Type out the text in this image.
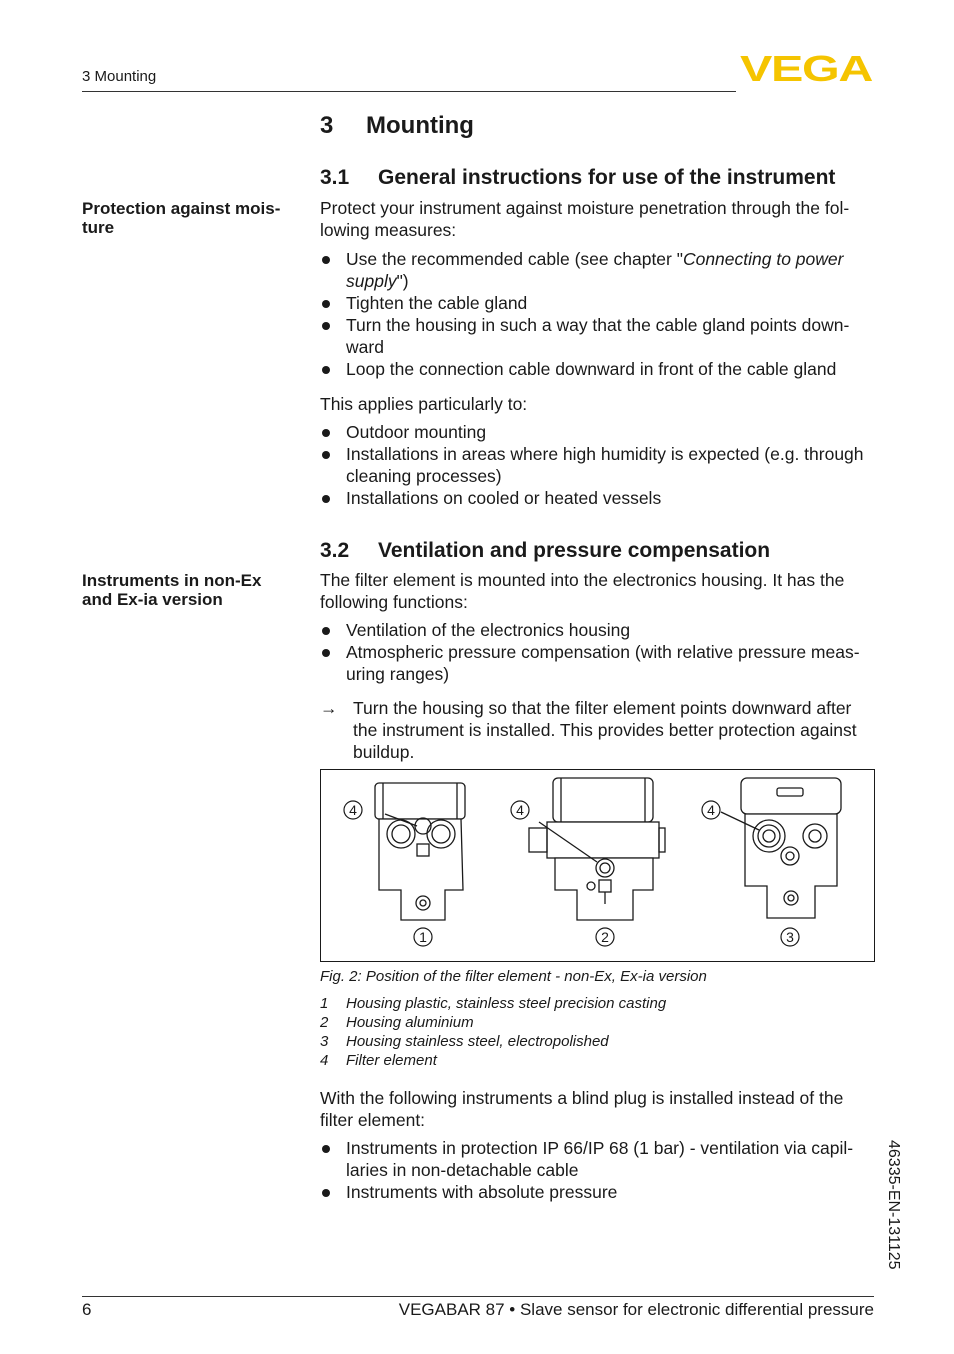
3 Mounting	VEGA
3 Mounting
3.1 General instructions for use of the instrument
Protection against mois-
ture

Protect your instrument against moisture penetration through the fol-
lowing measures:

Use the recommended cable (see chapter "Connecting to power
supply")
Tighten the cable gland
Turn the housing in such a way that the cable gland points down-ward
Loop the connection cable downward in front of the cable gland

This applies particularly to:

Outdoor mounting
Installations in areas where high humidity is expected (e.g. through cleaning processes)
Installations on cooled or heated vessels
3.2 Ventilation and pressure compensation
Instruments in non-Ex
and Ex-ia version

The filter element is mounted into the electronics housing. It has the following functions:

Ventilation of the electronics housing
Atmospheric pressure compensation (with relative pressure meas-uring ranges)
→ Turn the housing so that the filter element points downward after the instrument is installed. This provides better protection against buildup.
4	4	4
1	2	3
Fig. 2: Position of the filter element - non-Ex, Ex-ia version
1 Housing plastic, stainless steel precision casting
2 Housing aluminium
3 Housing stainless steel, electropolished
4 Filter element

With the following instruments a blind plug is installed instead of the filter element:

Instruments in protection IP 66/IP 68 (1 bar) - ventilation via capil-laries in non-detachable cable
Instruments with absolute pressure	46335-EN-131125
6	VEGABAR 87 • Slave sensor for electronic differential pressure
